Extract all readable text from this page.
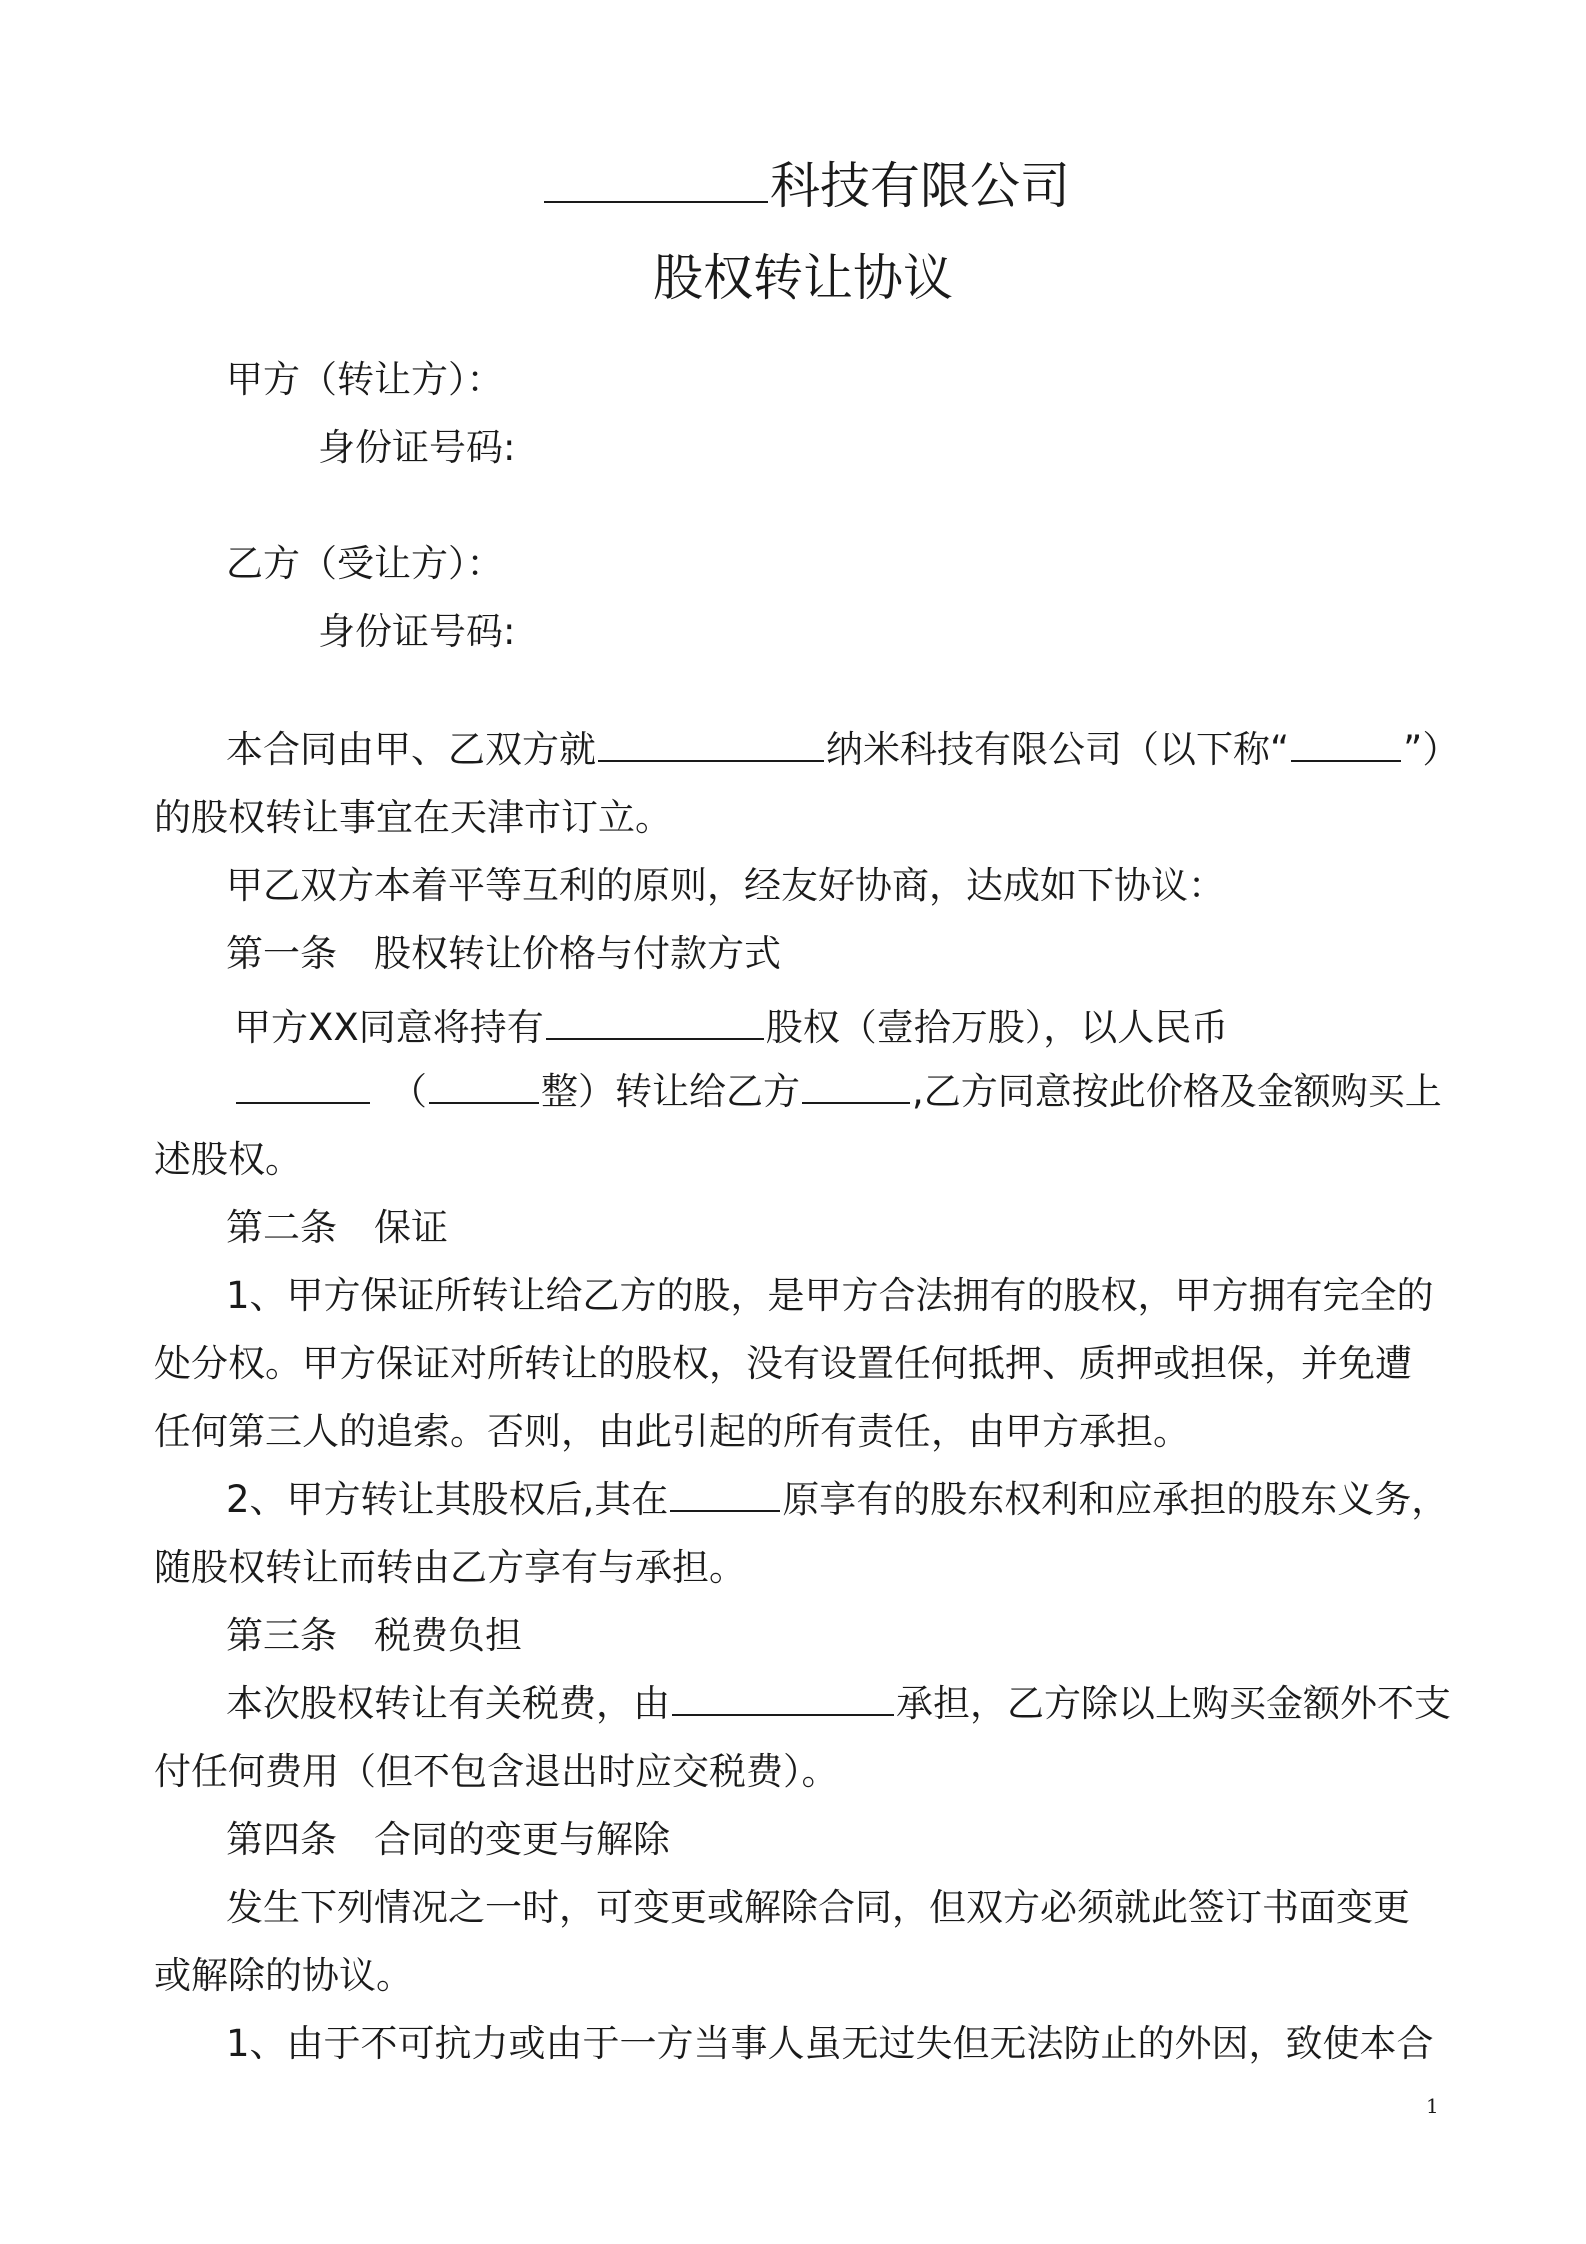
科技有限公司
股权转让协议
甲方（转让方）：
身份证号码:
乙方（受让方）：
身份证号码:
本合同由甲、乙双方就	纳米科技有限公司（以下称“	”）
的股权转让事宜在天津市订立。
甲乙双方本着平等互利的原则，经友好协商，达成如下协议：
第一条　股权转让价格与付款方式
甲方XX同意将持有	股权（壹拾万股），以人民币
（	整）转让给乙方	,乙方同意按此价格及金额购买上
述股权。
第二条　保证
1、甲方保证所转让给乙方的股，是甲方合法拥有的股权，甲方拥有完全的
处分权。甲方保证对所转让的股权，没有设置任何抵押、质押或担保，并免遭
任何第三人的追索。否则，由此引起的所有责任，由甲方承担。
2、甲方转让其股权后,其在	原享有的股东权利和应承担的股东义务，
随股权转让而转由乙方享有与承担。
第三条　税费负担
本次股权转让有关税费，由	承担，乙方除以上购买金额外不支
付任何费用（但不包含退出时应交税费）。
第四条　合同的变更与解除
发生下列情况之一时，可变更或解除合同，但双方必须就此签订书面变更
或解除的协议。
1、由于不可抗力或由于一方当事人虽无过失但无法防止的外因，致使本合
1
